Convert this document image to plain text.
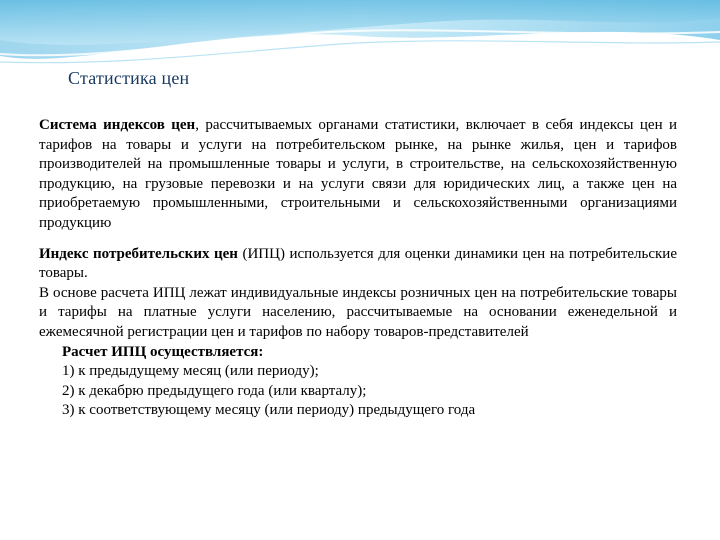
Статистика цен

Система индексов цен, рассчитываемых органами статистики, включает в себя индексы цен и тарифов на товары и услуги на потребительском рынке, на рынке жилья, цен и тарифов производителей на промышленные товары и услуги, в строительстве, на сельскохозяйственную продукцию, на грузовые перевозки и на услуги связи для юридических лиц, а также цен на приобретаемую промышленными, строительными и сельскохозяйственными организациями продукцию

Индекс потребительских цен (ИПЦ) используется для оценки динамики цен на потребительские товары.

В основе расчета ИПЦ лежат индивидуальные индексы розничных цен на потребительские товары и тарифы на платные услуги населению, рассчитываемые на основании еженедельной и ежемесячной регистрации цен и тарифов по набору товаров-представителей

Расчет ИПЦ осуществляется:

1) к предыдущему месяц (или периоду);

2) к декабрю предыдущего года (или кварталу);

3) к соответствующему месяцу (или периоду) предыдущего года
